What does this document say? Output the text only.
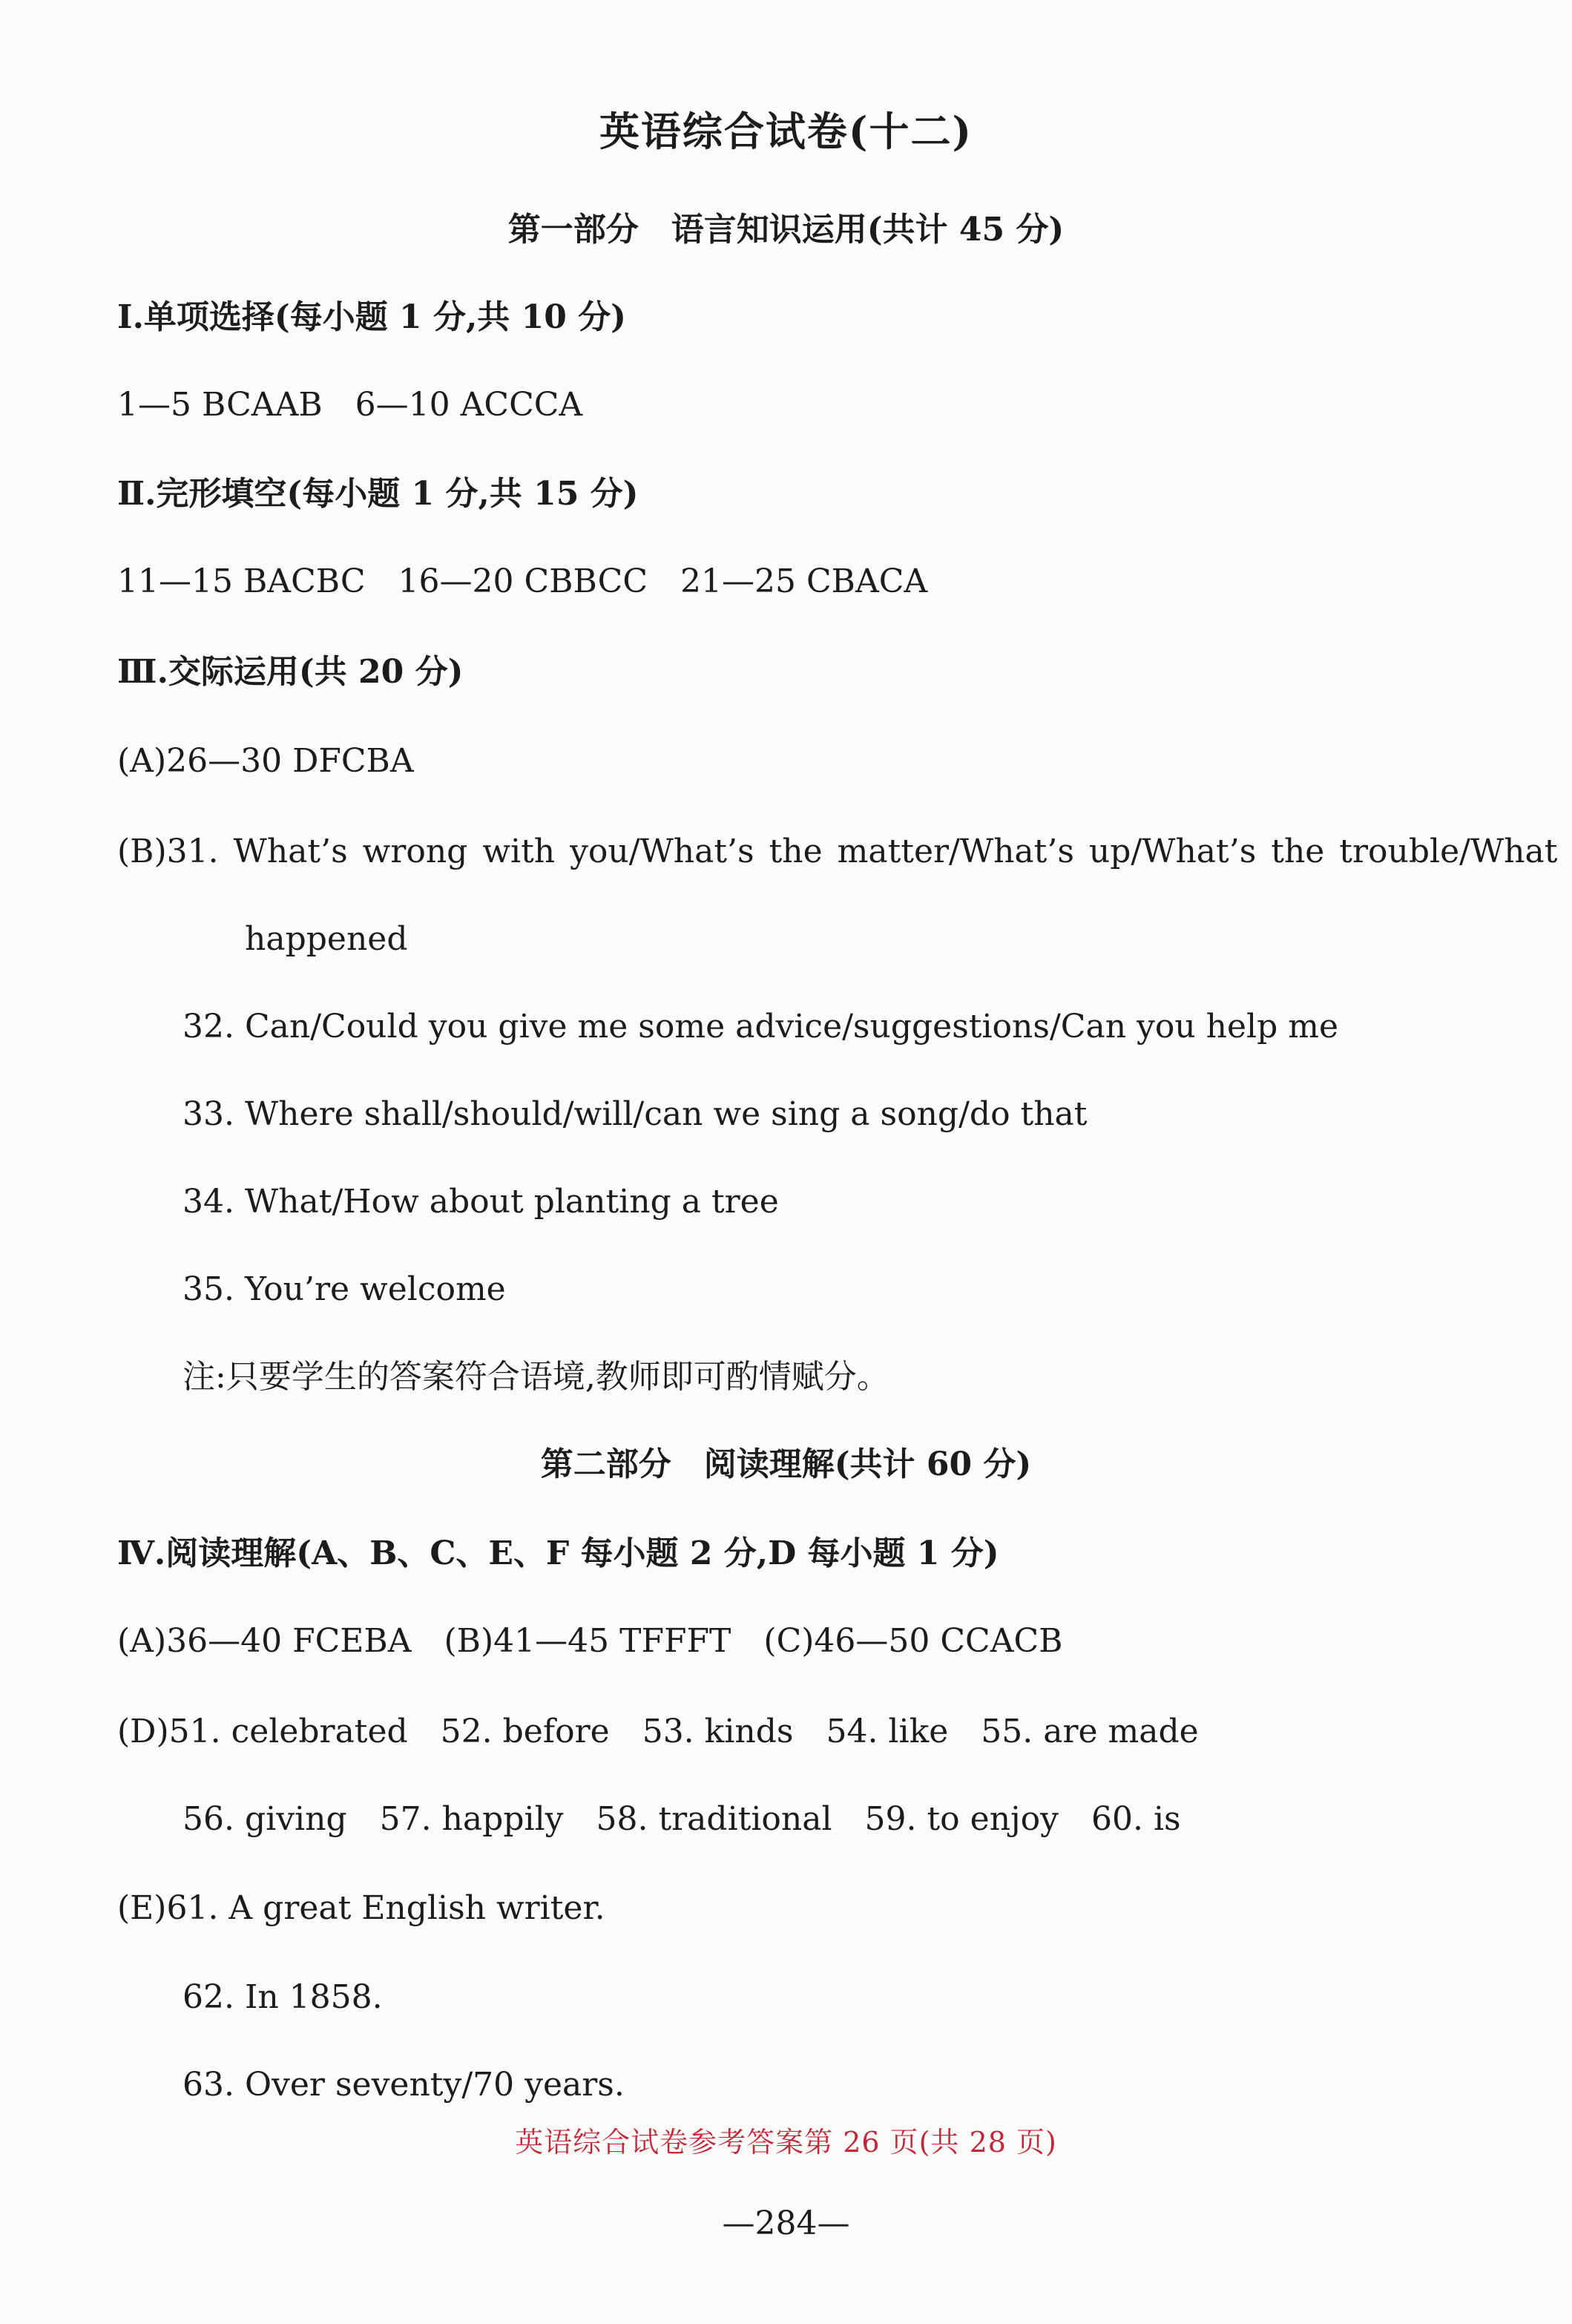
英语综合试卷(十二)
第一部分　语言知识运用(共计 45 分)
Ⅰ.单项选择(每小题 1 分,共 10 分)
1—5 BCAAB　6—10 ACCCA
Ⅱ.完形填空(每小题 1 分,共 15 分)
11—15 BACBC　16—20 CBBCC　21—25 CBACA
Ⅲ.交际运用(共 20 分)
(A)26—30 DFCBA
(B)31. What’s wrong with you/What’s the matter/What’s up/What’s the trouble/What
happened
32. Can/Could you give me some advice/suggestions/Can you help me
33. Where shall/should/will/can we sing a song/do that
34. What/How about planting a tree
35. You’re welcome
注:只要学生的答案符合语境,教师即可酌情赋分。
第二部分　阅读理解(共计 60 分)
Ⅳ.阅读理解(A、B、C、E、F 每小题 2 分,D 每小题 1 分)
(A)36—40 FCEBA　(B)41—45 TFFFT　(C)46—50 CCACB
(D)51. celebrated　52. before　53. kinds　54. like　55. are made
56. giving　57. happily　58. traditional　59. to enjoy　60. is
(E)61. A great English writer.
62. In 1858.
63. Over seventy/70 years.
英语综合试卷参考答案第 26 页(共 28 页)
—284—
